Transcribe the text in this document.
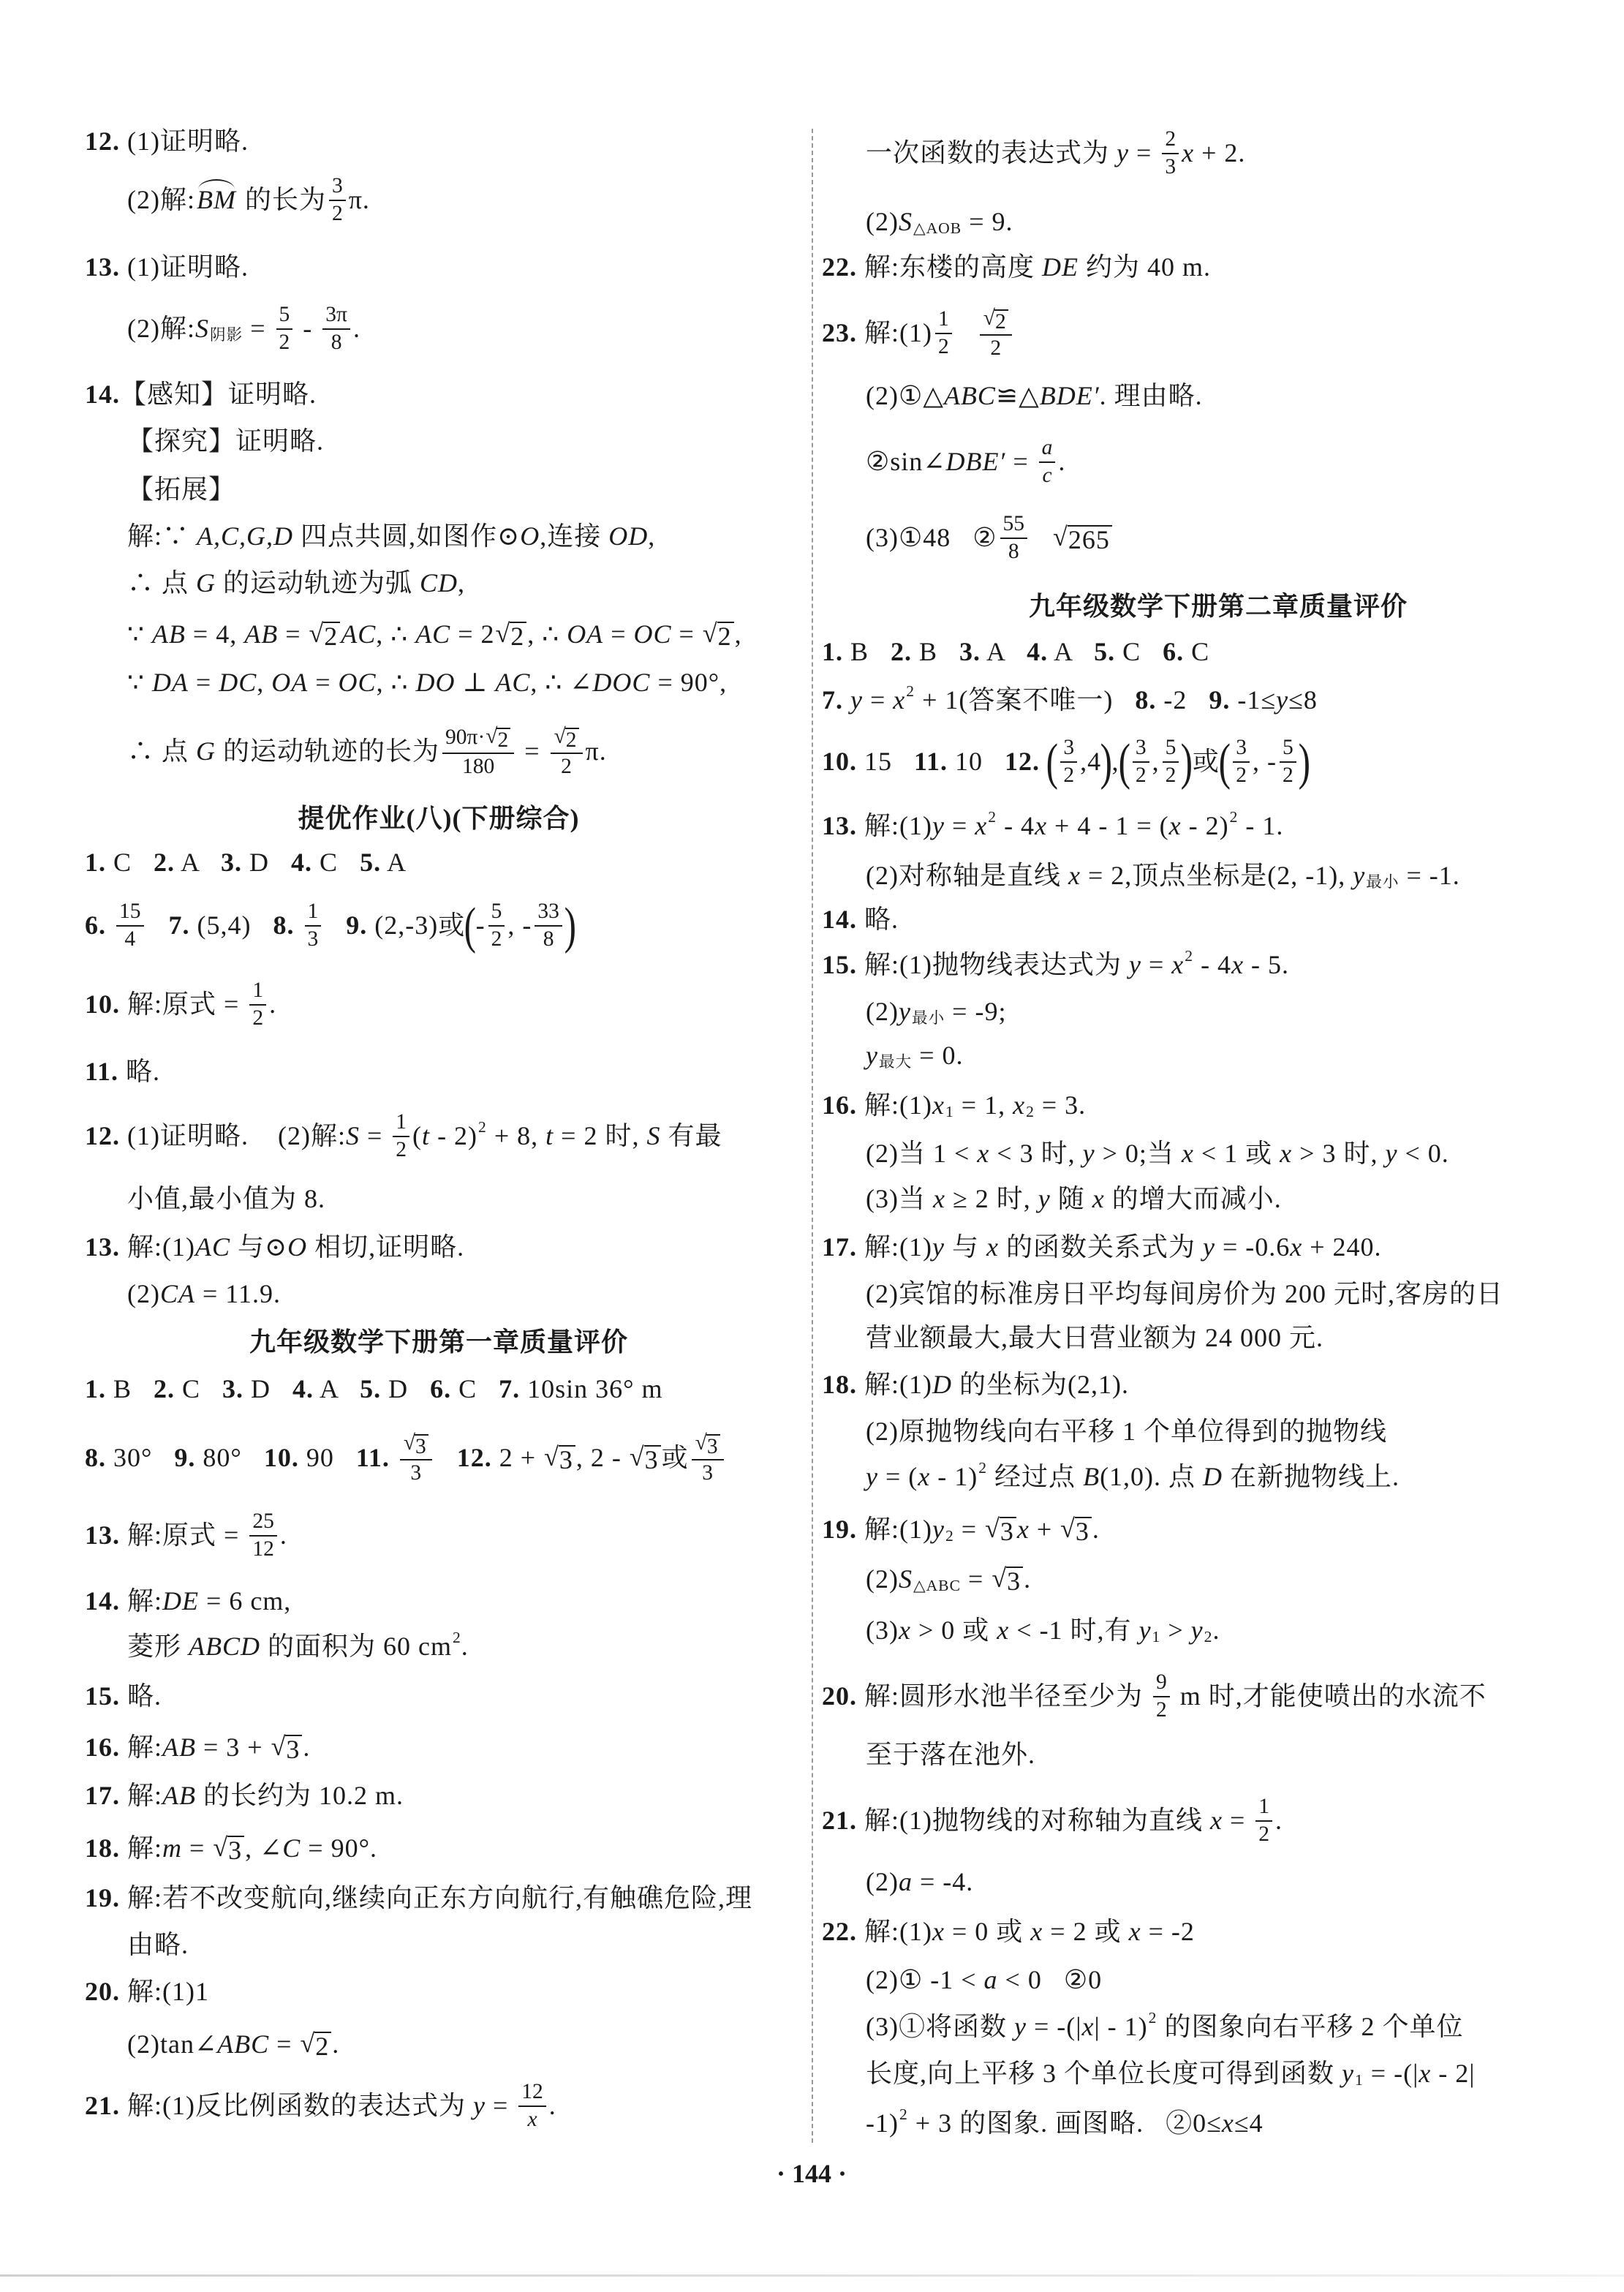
12. (1)证明略.
(2)解: BM 的长为 $\frac{3}{2} \pi$.
13. (1)证明略.
(2)解: S 阴影 = $\frac{5}{2} - \frac{3\pi}{8}$ .
14. 【感知】证明略.
【探究】证明略.
【拓展】
解:∵ A,C,G,D 四点共圆,如图作⊙ O ,连接 OD ,
∴ 点 G 的运动轨迹为弧 CD ,
∵ AB = 4, AB = √ 2 AC , ∴ AC = 2 √ 2 , ∴ OA = OC = √ 2 ,
∵ DA = DC , OA = OC , ∴ DO ⊥ AC , ∴ ∠ DOC = 90°,
∴ 点 G 的运动轨迹的长为 $\frac{90\pi\cdot √ 2}{180} = \frac{√ 2}{2} \pi$.
提优作业(八)(下册综合)
1. C 2. A 3. D 4. C 5. A
6.
$\frac{15}{4}$
7. (5,4) 8.
$\frac{1}{3}$
9. (2,-3)或
(
- $\frac{5}{2}$ , - $\frac{33}{8}$ )
10. 解:原式 = $\frac{1}{2}$ .
11. 略.
12. (1)证明略.    (2)解: $S = \frac{1}{2}$ ( t - 2) 2 + 8, t = 2 时, S 有最
小值,最小值为 8.
13. 解:(1) AC 与⊙ O 相切,证明略.
(2) CA = 11.9.
九年级数学下册第一章质量评价
1. B 2. C 3. D 4. A 5. D 6. C 7. 10sin 36° m
8. 30° 9. 80° 10. 90 11.
$\frac{√ 3}{3}$
12. 2 + √ 3 , 2 - √ 3 或 $\frac{√ 3}{3}$
13. 解:原式 = $\frac{25}{12}$ .
14. 解: DE = 6 cm,
菱形 ABCD 的面积为 60 cm 2 .
15. 略.
16. 解: AB = 3 + √ 3 .
17. 解: AB 的长约为 10.2 m.
18. 解: m = √ 3 , ∠ C = 90°.
19. 解:若不改变航向,继续向正东方向航行,有触礁危险,理
由略.
20. 解:(1)1
(2)tan∠ ABC = √ 2 .
21. 解:(1)反比例函数的表达式为 $y = \frac{12}{x}$ .
一次函数的表达式为 $y = \frac{2}{3}$ x + 2.
(2) S △AOB = 9.
22. 解:东楼的高度 DE 约为 40 m.
23. 解:(1) $\frac{1}{2}$
$\frac{√ 2}{2}$
(2)①△ ABC ≌△ BDE′ . 理由略.
②sin∠ $DBE' = \frac{a}{c}$ .
(3)①48   ② $\frac{55}{8}$
√ 265
九年级数学下册第二章质量评价
1. B 2. B 3. A 4. A 5. C 6. C
7.
y = x 2 + 1(答案不唯一) 8. -2 9. -1≤ y ≤8
10. 15 11. 10 12.
( $\frac{3}{2} ,4$
)
,
( $\frac{3}{2}$ , $\frac{5}{2}$ )
或
( $\frac{3}{2}$ , - $\frac{5}{2}$ )
13. 解:(1) y = x 2 - 4 x + 4 - 1 = ( x - 2) 2 - 1.
(2)对称轴是直线 x = 2,顶点坐标是(2, -1), y 最小 = -1.
14. 略.
15. 解:(1)抛物线表达式为 y = x 2 - 4 x - 5.
(2) y 最小 = -9;
y 最大 = 0.
16. 解:(1) x 1 = 1, x 2 = 3.
(2)当 1 < x < 3 时, y > 0;当 x < 1 或 x > 3 时, y < 0.
(3)当 x ≥ 2 时, y 随 x 的增大而减小.
17. 解:(1) y 与 x 的函数关系式为 y = -0.6 x + 240.
(2)宾馆的标准房日平均每间房价为 200 元时,客房的日
营业额最大,最大日营业额为 24 000 元.
18. 解:(1) D 的坐标为(2,1).
(2)原抛物线向右平移 1 个单位得到的抛物线
y = ( x - 1) 2 经过点 B (1,0). 点 D 在新抛物线上.
19. 解:(1) y 2 = √ 3 x + √ 3 .
(2) S △ABC = √ 3 .
(3) x > 0 或 x < -1 时,有 y 1 > y 2 .
20. 解:圆形水池半径至少为 $\frac{9}{2}$ m 时,才能使喷出的水流不
至于落在池外.
21. 解:(1)抛物线的对称轴为直线 $x = \frac{1}{2}$ .
(2) a = -4.
22. 解:(1) x = 0 或 x = 2 或 x = -2
(2)① -1 < a < 0   ②0
(3)①将函数 y = -(| x | - 1) 2 的图象向右平移 2 个单位
长度,向上平移 3 个单位长度可得到函数 y 1 = -(| x - 2|
-1) 2 + 3 的图象. 画图略.   ②0≤ x ≤4
· 144 ·
